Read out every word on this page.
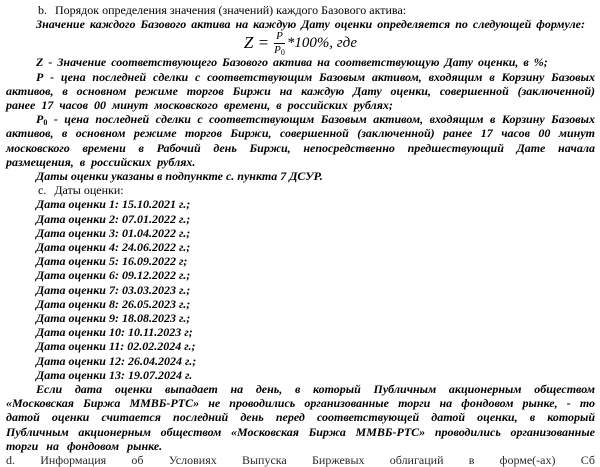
b. Порядок определения значения (значений) каждого Базового актива:
Значение каждого Базового актива на каждую Дату оценки определяется по следующей формуле:
$Z = \frac{P}{P_0} *100\%$, где
Z - Значение соответствующего Базового актива на соответствующую Дату оценки, в %;
Р - цена последней сделки с соответствующим Базовым активом, входящим в Корзину Базовых активов, в основном режиме торгов Биржи на каждую Дату оценки, совершенной (заключенной) ранее 17 часов 00 минут московского времени, в российских рублях;
$Р_0$ - цена последней сделки с соответствующим Базовым активом, входящим в Корзину Базовых активов, в основном режиме торгов Биржи, совершенной (заключенной) ранее 17 часов 00 минут московского времени в Рабочий день Биржи, непосредственно предшествующий Дате начала размещения, в российских рублях.
Даты оценки указаны в подпункте с. пункта 7 ДСУР.
c. Даты оценки:
Дата оценки 1: 15.10.2021 г.;
Дата оценки 2: 07.01.2022 г.;
Дата оценки 3: 01.04.2022 г.;
Дата оценки 4: 24.06.2022 г.;
Дата оценки 5: 16.09.2022 г;
Дата оценки 6: 09.12.2022 г.;
Дата оценки 7: 03.03.2023 г.;
Дата оценки 8: 26.05.2023 г.;
Дата оценки 9: 18.08.2023 г.;
Дата оценки 10: 10.11.2023 г;
Дата оценки 11: 02.02.2024 г.;
Дата оценки 12: 26.04.2024 г.;
Дата оценки 13: 19.07.2024 г.
Если дата оценки выпадает на день, в который Публичным акционерным обществом «Московская Биржа ММВБ-РТС» не проводились организованные торги на фондовом рынке, - то датой оценки считается последний день перед соответствующей датой оценки, в который Публичным акционерным обществом «Московская Биржа ММВБ-РТС» проводились организованные торги на фондовом рынке.
d. Информация об Условиях Выпуска Биржевых облигаций в форме(-ах) Сб
